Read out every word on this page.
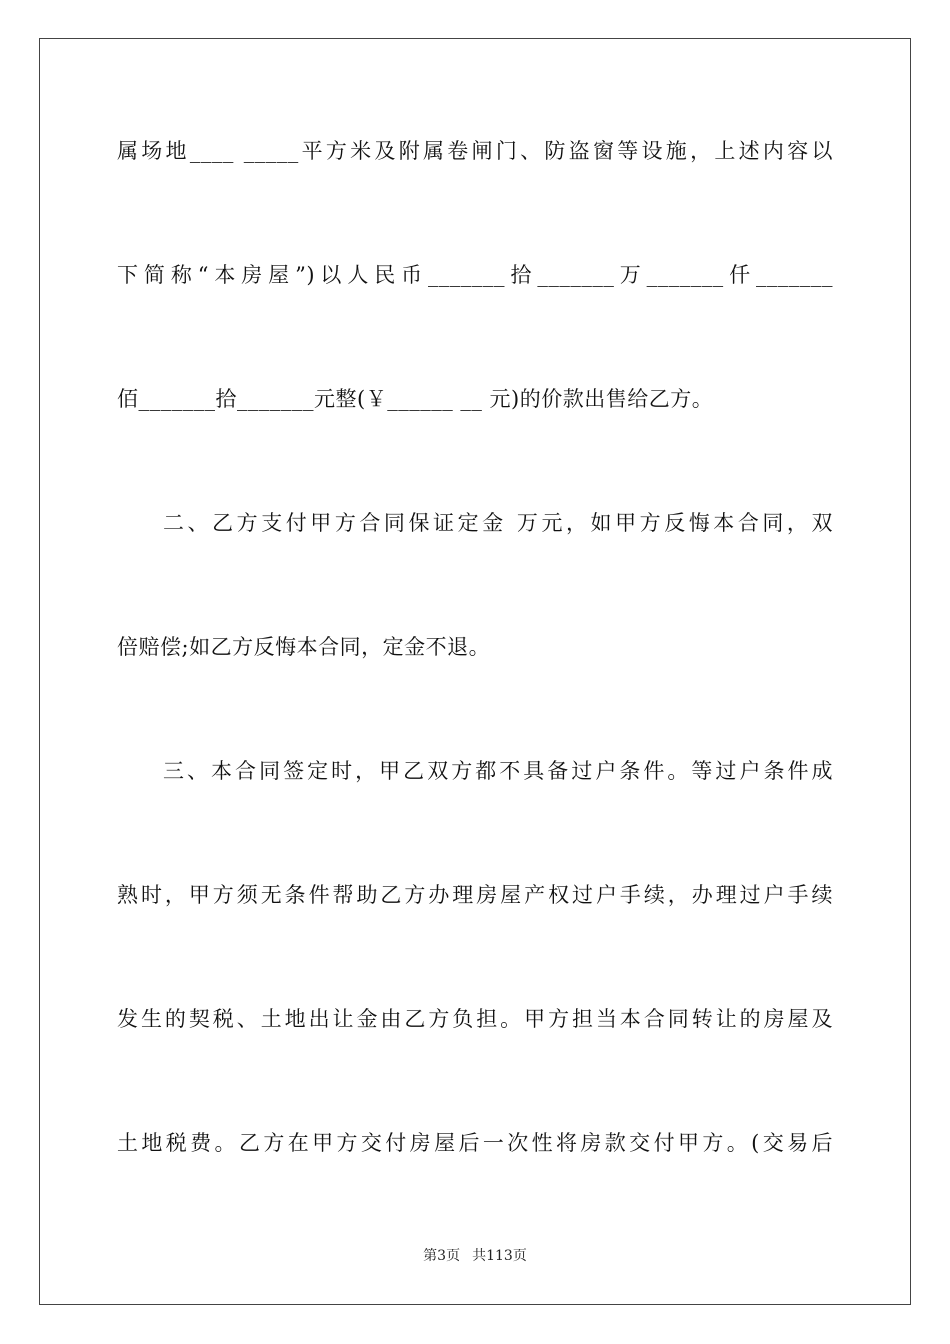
属场地____ _____平方米及附属卷闸门、防盗窗等设施，上述内容以
下简称“本房屋”)以人民币_______拾_______万_______仟_______
佰_______拾_______元整(￥______ __ 元)的价款出售给乙方。
二、乙方支付甲方合同保证定金 万元，如甲方反悔本合同，双
倍赔偿;如乙方反悔本合同，定金不退。
三、本合同签定时，甲乙双方都不具备过户条件。等过户条件成
熟时，甲方须无条件帮助乙方办理房屋产权过户手续，办理过户手续
发生的契税、土地出让金由乙方负担。甲方担当本合同转让的房屋及
土地税费。乙方在甲方交付房屋后一次性将房款交付甲方。(交易后
第3页 共113页
